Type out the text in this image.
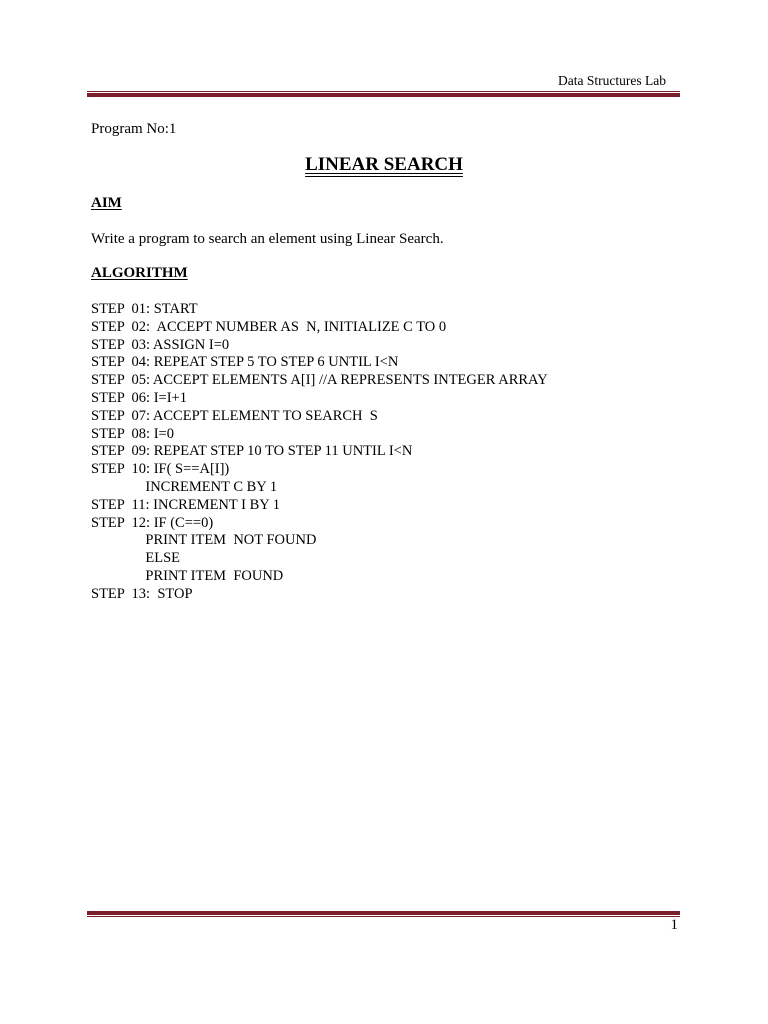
Data Structures Lab
Program No:1
LINEAR SEARCH
AIM
Write a program to search an element using Linear Search.
ALGORITHM
STEP  01: START
STEP  02:  ACCEPT NUMBER AS  N, INITIALIZE C TO 0
STEP  03: ASSIGN I=0
STEP  04: REPEAT STEP 5 TO STEP 6 UNTIL I<N
STEP  05: ACCEPT ELEMENTS A[I] //A REPRESENTS INTEGER ARRAY
STEP  06: I=I+1
STEP  07: ACCEPT ELEMENT TO SEARCH  S
STEP  08: I=0
STEP  09: REPEAT STEP 10 TO STEP 11 UNTIL I<N
STEP  10: IF( S==A[I])
INCREMENT C BY 1
STEP  11: INCREMENT I BY 1
STEP  12: IF (C==0)
PRINT ITEM  NOT FOUND
ELSE
PRINT ITEM  FOUND
STEP  13:  STOP
1
